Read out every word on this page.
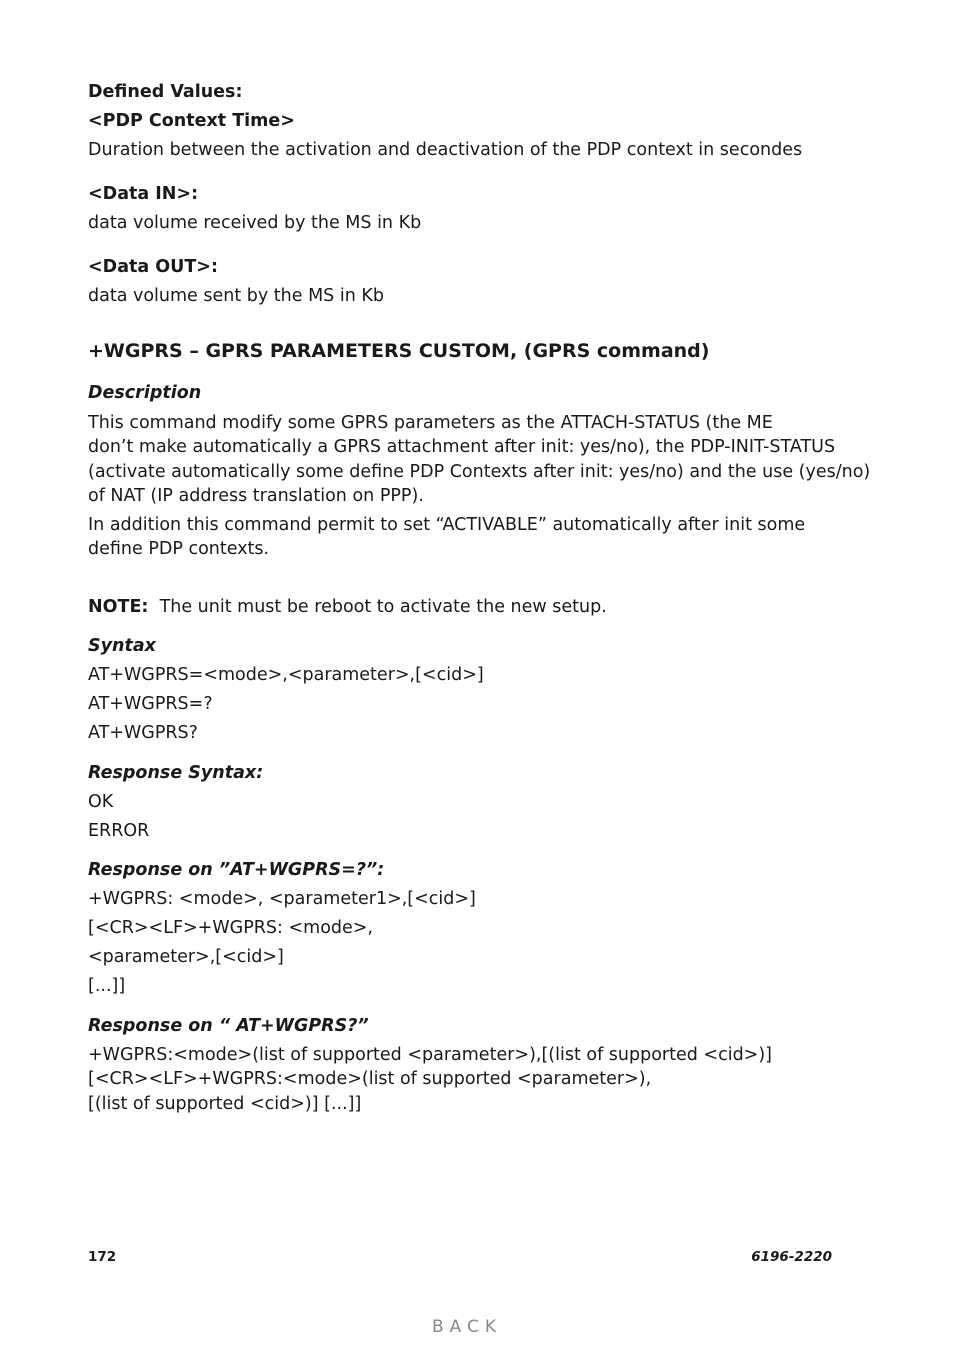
Defined Values:
<PDP Context Time>
Duration between the activation and deactivation of the PDP context in secondes
<Data IN>:
data volume received by the MS in Kb
<Data OUT>:
data volume sent by the MS in Kb
+WGPRS – GPRS PARAMETERS CUSTOM, (GPRS command)
Description
This command modify some GPRS parameters as the ATTACH-STATUS (the ME
don’t make automatically a GPRS attachment after init: yes/no), the PDP-INIT-STATUS
(activate automatically some define PDP Contexts after init: yes/no) and the use (yes/no)
of NAT (IP address translation on PPP).
In addition this command permit to set “ACTIVABLE” automatically after init some
define PDP contexts.
NOTE: The unit must be reboot to activate the new setup.
Syntax
AT+WGPRS=<mode>,<parameter>,[<cid>]
AT+WGPRS=?
AT+WGPRS?
Response Syntax:
OK
ERROR
Response on ”AT+WGPRS=?”:
+WGPRS: <mode>, <parameter1>,[<cid>]
[<CR><LF>+WGPRS: <mode>,
<parameter>,[<cid>]
[...]]
Response on “ AT+WGPRS?”
+WGPRS:<mode>(list of supported <parameter>),[(list of supported <cid>)]
[<CR><LF>+WGPRS:<mode>(list of supported <parameter>),
[(list of supported <cid>)] [...]]
172	6196-2220
BACK
